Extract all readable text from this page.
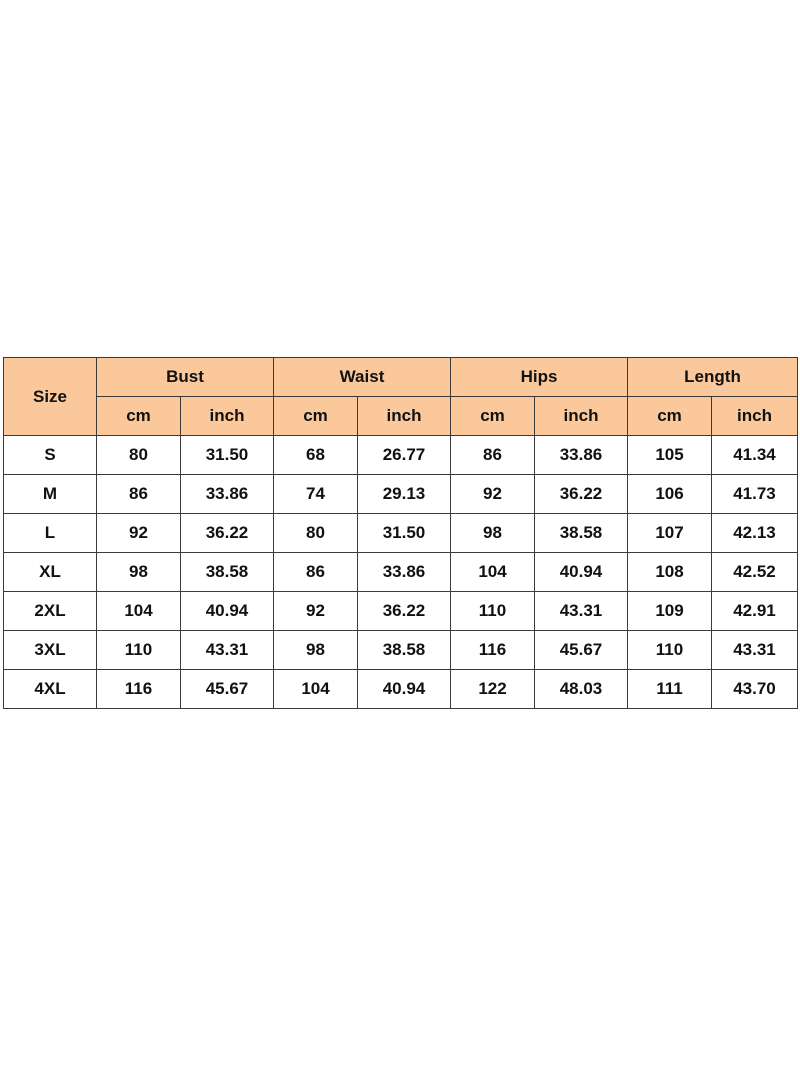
Size	Bust		Waist		Hips		Length	
	cm	inch	cm	inch	cm	inch	cm	inch
S	80	31.50	68	26.77	86	33.86	105	41.34
M	86	33.86	74	29.13	92	36.22	106	41.73
L	92	36.22	80	31.50	98	38.58	107	42.13
XL	98	38.58	86	33.86	104	40.94	108	42.52
2XL	104	40.94	92	36.22	110	43.31	109	42.91
3XL	110	43.31	98	38.58	116	45.67	110	43.31
4XL	116	45.67	104	40.94	122	48.03	111	43.70
